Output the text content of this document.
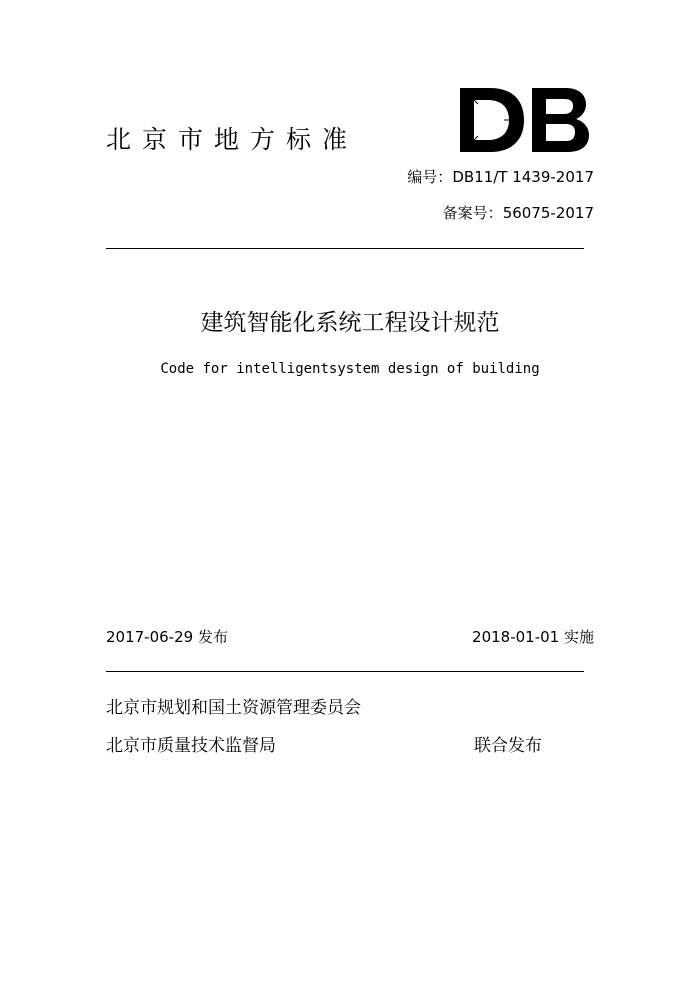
北京市地方标准
编号：DB11/T 1439-2017
备案号：56075-2017
建筑智能化系统工程设计规范
Code for intelligentsystem design of building
2017-06-29 发布	2018-01-01 实施
北京市规划和国土资源管理委员会
北京市质量技术监督局	联合发布
